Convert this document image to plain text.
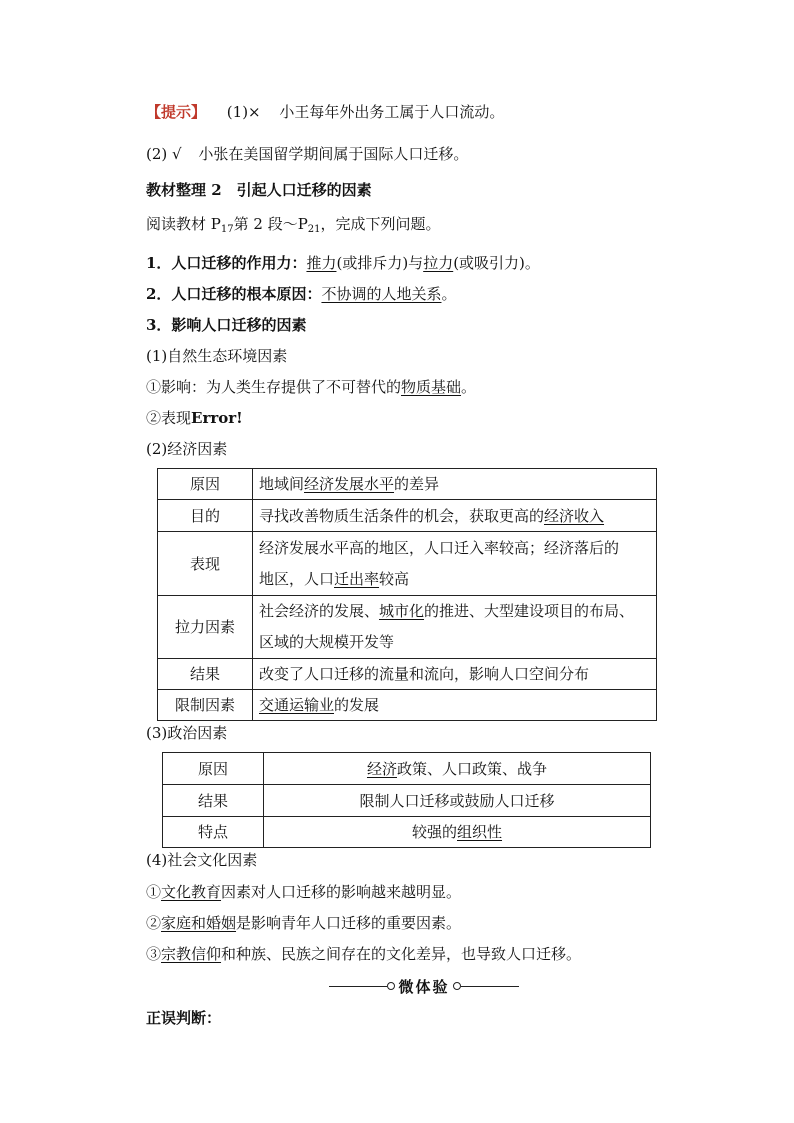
【提示】 (1)× 小王每年外出务工属于人口流动。
(2) √ 小张在美国留学期间属于国际人口迁移。
教材整理 2　引起人口迁移的因素
阅读教材 $P_{17}$第 2 段$\sim P_{21}$，完成下列问题。
1．人口迁移的作用力：推力(或排斥力)与拉力(或吸引力)。
2．人口迁移的根本原因：不协调的人地关系。
3．影响人口迁移的因素
(1)自然生态环境因素
①影响：为人类生存提供了不可替代的物质基础。
②表现Error!
(2)经济因素
原因	地域间经济发展水平的差异
目的	寻找改善物质生活条件的机会，获取更高的经济收入
表现	经济发展水平高的地区，人口迁入率较高；经济落后的
地区，人口迁出率较高

拉力因素	社会经济的发展、城市化的推进、大型建设项目的布局、
区域的大规模开发等

结果	改变了人口迁移的流量和流向，影响人口空间分布
限制因素	交通运输业的发展
(3)政治因素
原因	经济政策、人口政策、战争
结果	限制人口迁移或鼓励人口迁移
特点	较强的组织性
(4)社会文化因素
①文化教育因素对人口迁移的影响越来越明显。
②家庭和婚姻是影响青年人口迁移的重要因素。
③宗教信仰和种族、民族之间存在的文化差异，也导致人口迁移。
微体验
正误判断：
